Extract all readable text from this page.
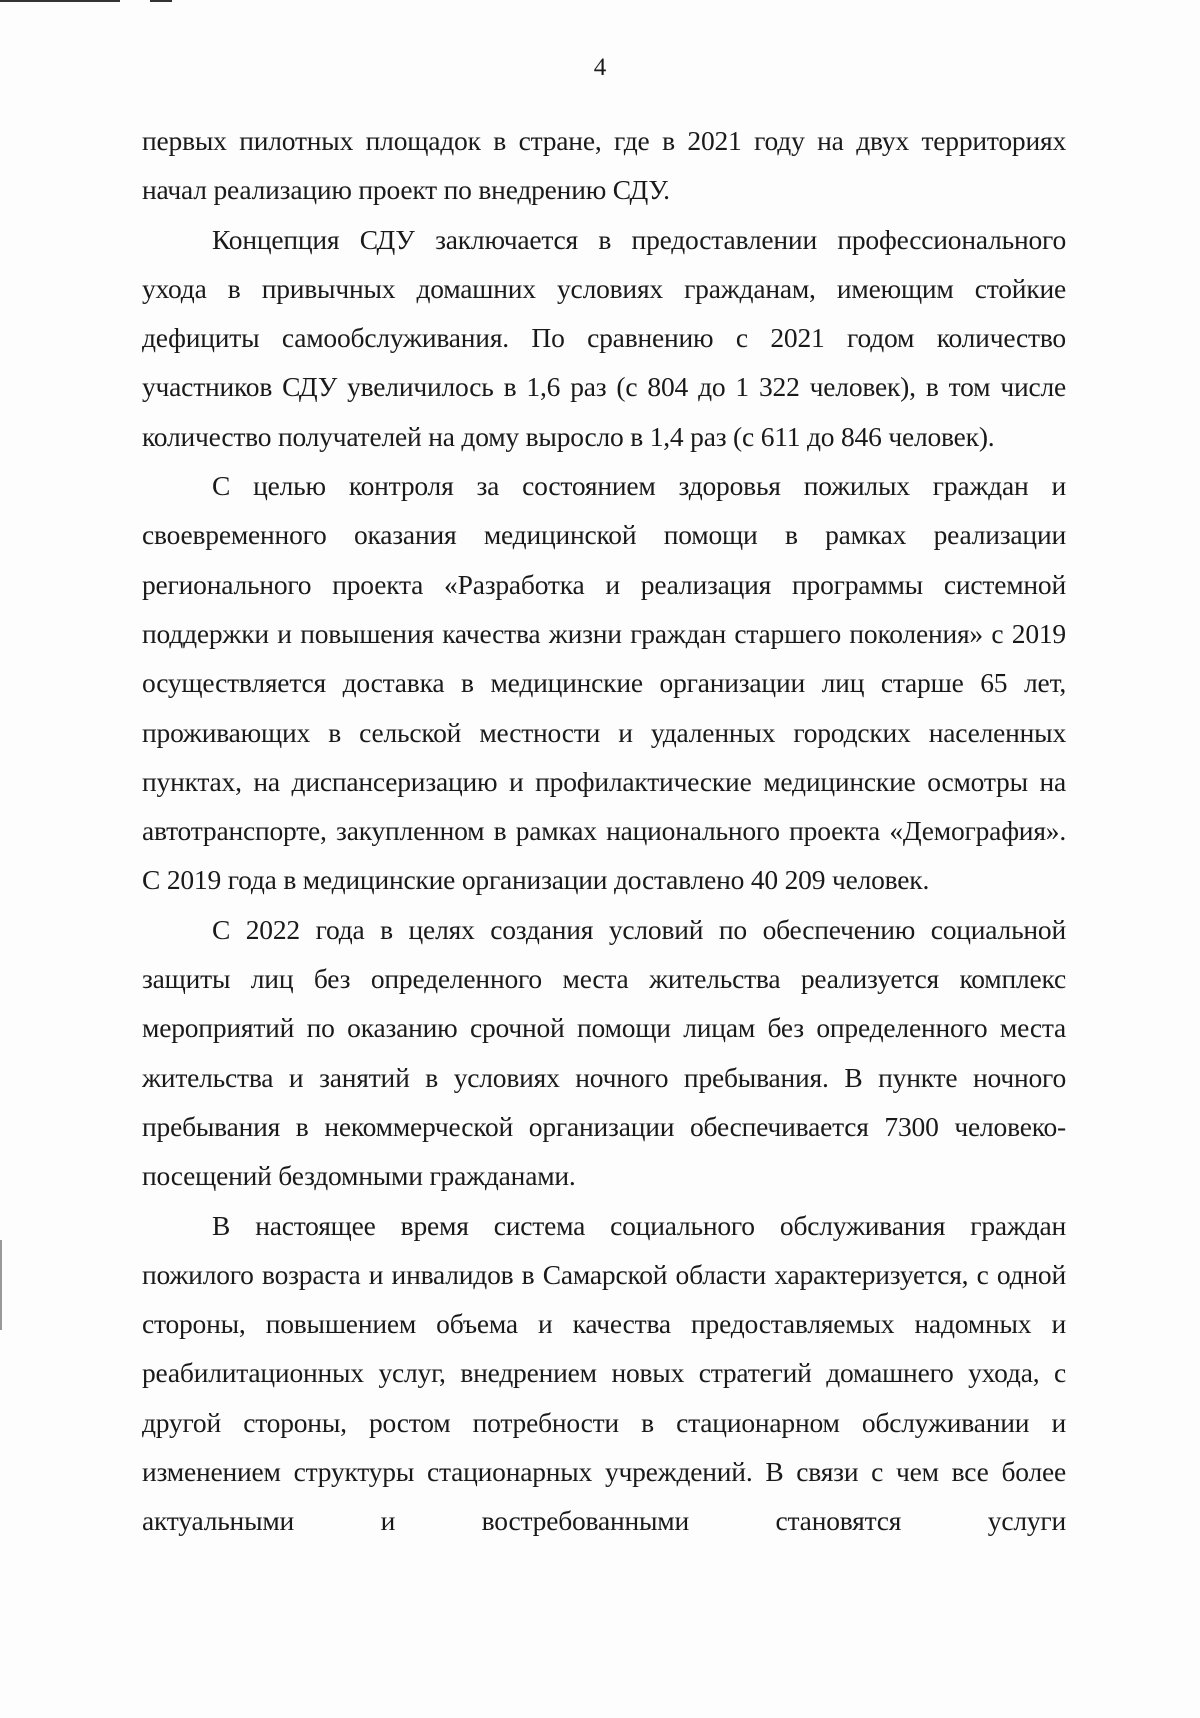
4

первых пилотных площадок в стране, где в 2021 году на двух территориях начал реализацию проект по внедрению СДУ.

Концепция СДУ заключается в предоставлении профессионального ухода в привычных домашних условиях гражданам, имеющим стойкие дефициты самообслуживания. По сравнению с 2021 годом количество участников СДУ увеличилось в 1,6 раз (с 804 до 1 322 человек), в том числе количество получателей на дому выросло в 1,4 раз (с 611 до 846 человек).

С целью контроля за состоянием здоровья пожилых граждан и своевременного оказания медицинской помощи в рамках реализации регионального проекта «Разработка и реализация программы системной поддержки и повышения качества жизни граждан старшего поколения» с 2019 осуществляется доставка в медицинские организации лиц старше 65 лет, проживающих в сельской местности и удаленных городских населенных пунктах, на диспансеризацию и профилактические медицинские осмотры на автотранспорте, закупленном в рамках национального проекта «Демография». С 2019 года в медицинские организации доставлено 40 209 человек.

С 2022 года в целях создания условий по обеспечению социальной защиты лиц без определенного места жительства реализуется комплекс мероприятий по оказанию срочной помощи лицам без определенного места жительства и занятий в условиях ночного пребывания. В пункте ночного пребывания в некоммерческой организации обеспечивается 7300 человеко-посещений бездомными гражданами.

В настоящее время система социального обслуживания граждан пожилого возраста и инвалидов в Самарской области характеризуется, с одной стороны, повышением объема и качества предоставляемых надомных и реабилитационных услуг, внедрением новых стратегий домашнего ухода, с другой стороны, ростом потребности в стационарном обслуживании и изменением структуры стационарных учреждений. В связи с чем все более актуальными и востребованными становятся услуги
